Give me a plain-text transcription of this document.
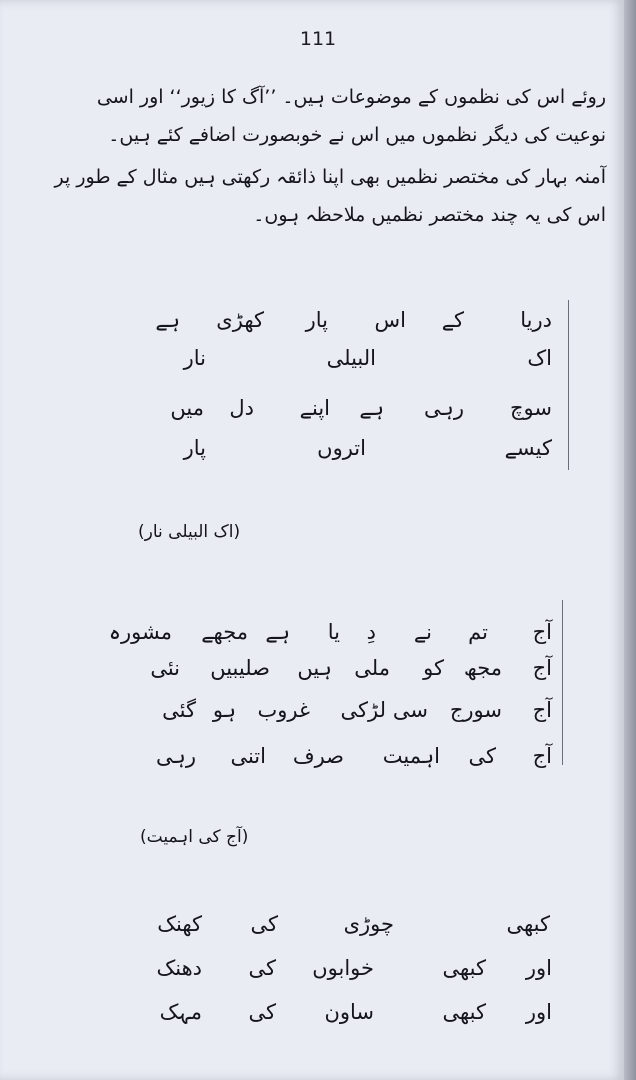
111

روئے اس کی نظموں کے موضوعات ہیں۔ ’’آگ کا زیور‘‘ اور اسی نوعیت کی دیگر نظموں میں اس نے خوبصورت اضافے کئے ہیں۔

آمنہ بہار کی مختصر نظمیں بھی اپنا ذائقہ رکھتی ہیں مثال کے طور پر اس کی یہ چند مختصر نظمیں ملاحظہ ہوں۔

دریا
کے
اس
پار
کھڑی
ہے
اک
البیلی
نار
سوچ
رہی
ہے
اپنے
دل
میں
کیسے
اتروں
پار
(اک البیلی نار)
آج
تم
نے
دِ
یا
ہے
مجھے
مشورہ
آج
مجھ
کو
ملی
ہیں
صلیبیں
نئی
آج
سورج
سی
لڑکی
غروب
ہو
گئی
آج
کی
اہمیت
صرف
اتنی
رہی
(آج کی اہمیت)
کبھی
چوڑی
کی
کھنک
اور
کبھی
خوابوں
کی
دھنک
اور
کبھی
ساون
کی
مہک
